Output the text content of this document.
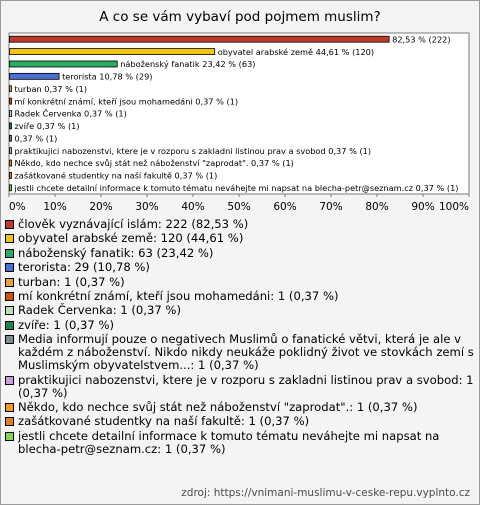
A co se vám vybaví pod pojmem muslim?
82,53 % (222)
obyvatel arabské země 44,61 % (120)
náboženský fanatik 23,42 % (63)
terorista 10,78 % (29)
turban 0,37 % (1)
mí konkrétní známí, kteří jsou mohamedáni 0,37 % (1)
Radek Červenka 0,37 % (1)
zvíře 0,37 % (1)
0,37 % (1)
praktikujici nabozenstvi, ktere je v rozporu s zakladni listinou prav a svobod 0,37 % (1)
Někdo, kdo nechce svůj stát než náboženství "zaprodat". 0,37 % (1)
zašátkované studentky na naší fakultě 0,37 % (1)
jestli chcete detailní informace k tomuto tématu neváhejte mi napsat na blecha-petr@seznam.cz 0,37 % (1)
0% 10% 20% 30% 40% 50% 60% 70% 80% 90% 100%
člověk vyznávající islám: 222 (82,53 %)
obyvatel arabské země: 120 (44,61 %)
náboženský fanatik: 63 (23,42 %)
terorista: 29 (10,78 %)
turban: 1 (0,37 %)
mí konkrétní známí, kteří jsou mohamedáni: 1 (0,37 %)
Radek Červenka: 1 (0,37 %)
zvíře: 1 (0,37 %)
Media informují pouze o negativech Muslimů o fanatické větvi, která je ale v každém z náboženství. Nikdo nikdy neukáže poklidný život ve stovkách zemí s Muslimským obyvatelstvem...: 1 (0,37 %)
praktikujici nabozenstvi, ktere je v rozporu s zakladni listinou prav a svobod: 1 (0,37 %)
Někdo, kdo nechce svůj stát než náboženství "zaprodat".: 1 (0,37 %)
zašátkované studentky na naší fakultě: 1 (0,37 %)
jestli chcete detailní informace k tomuto tématu neváhejte mi napsat na blecha-petr@seznam.cz: 1 (0,37 %)
zdroj: https://vnimani-muslimu-v-ceske-repu.vyplnto.cz
